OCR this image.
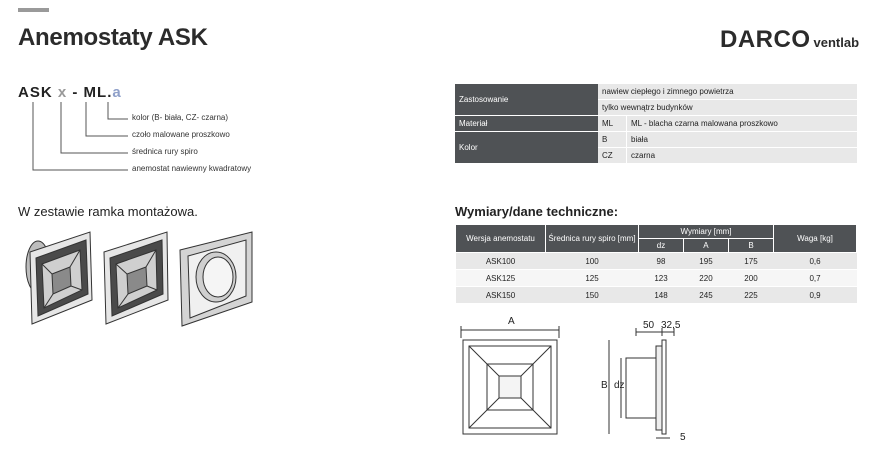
Anemostaty ASK	DARCO ventlab
ASK x - ML.a
kolor (B- biała, CZ- czarna)
czoło malowane proszkowo
średnica rury spiro
anemostat nawiewny kwadratowy
Zastosowanie	nawiew ciepłego i zimnego powietrza	
	tylko wewnątrz budynków	
Materiał	ML	ML - blacha czarna malowana proszkowo
Kolor	B	biała
	CZ	czarna
W zestawie ramka montażowa.	Wymiary/dane techniczne:
Wersja anemostatu	Średnica rury spiro [mm]	Wymiary [mm]			Waga [kg]
		dz	A	B	
ASK100	100	98	195	175	0,6
ASK125	125	123	220	200	0,7
ASK150	150	148	245	225	0,9
A	50 32,5
B dz
5
